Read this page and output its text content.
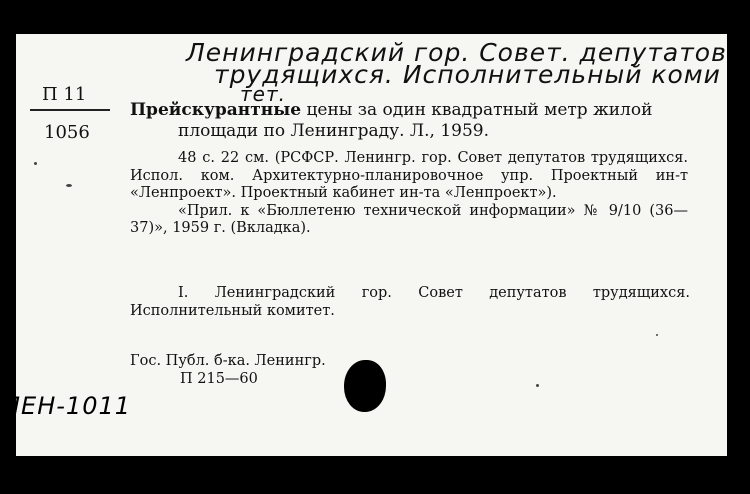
Ленинградский гор. Совет. депутатов
трудящихся. Исполнительный коми
тет.
П 11
1056
Прейскурантные цены за один квадратный метр жилой
площади по Ленинграду. Л., 1959.

48 с. 22 см. (РСФСР. Ленингр. гор. Совет депутатов трудящихся. Испол. ком. Архитектурно-планировочное упр. Проектный ин-т «Ленпроект». Проектный кабинет ин-та «Ленпроект»).

«Прил. к «Бюллетеню технической информации» № 9/10 (36—37)», 1959 г. (Вкладка).

I. Ленинградский гор. Совет депутатов трудящихся. Исполнительный комитет.

Гос. Публ. б-ка. Ленингр.
П 215—60
ЛЕН-1011
